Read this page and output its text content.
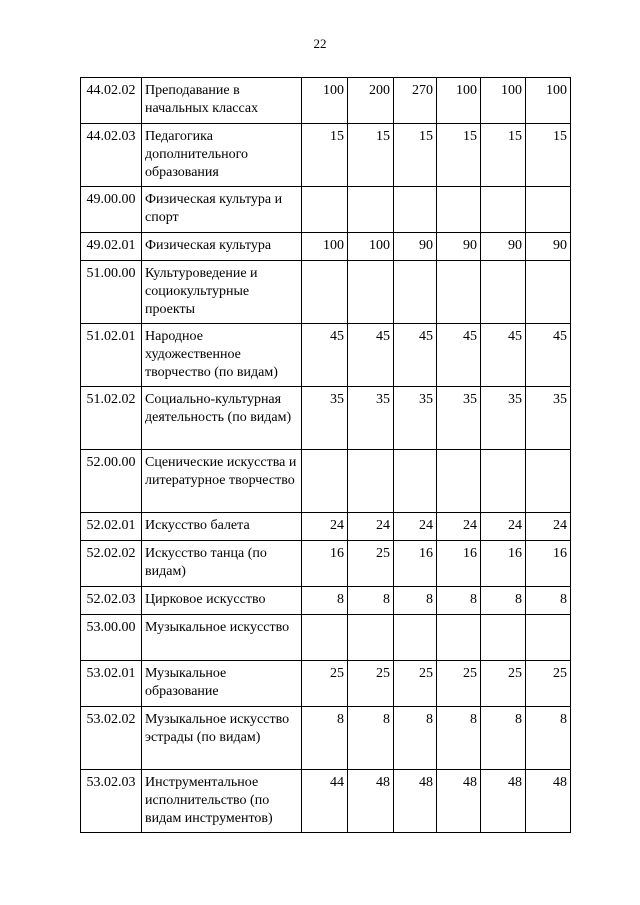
22
44.02.02	Преподавание в начальных классах	100	200	270	100	100	100
44.02.03	Педагогика дополнительного образования	15	15	15	15	15	15
49.00.00	Физическая культура и спорт						
49.02.01	Физическая культура	100	100	90	90	90	90
51.00.00	Культуроведение и социокультурные проекты						
51.02.01	Народное художественное творчество (по видам)	45	45	45	45	45	45
51.02.02	Социально-культурная деятельность (по видам)	35	35	35	35	35	35
52.00.00	Сценические искусства и литературное творчество						
52.02.01	Искусство балета	24	24	24	24	24	24
52.02.02	Искусство танца (по видам)	16	25	16	16	16	16
52.02.03	Цирковое искусство	8	8	8	8	8	8
53.00.00	Музыкальное искусство						
53.02.01	Музыкальное образование	25	25	25	25	25	25
53.02.02	Музыкальное искусство эстрады (по видам)	8	8	8	8	8	8
53.02.03	Инструментальное исполнительство (по видам инструментов)	44	48	48	48	48	48
